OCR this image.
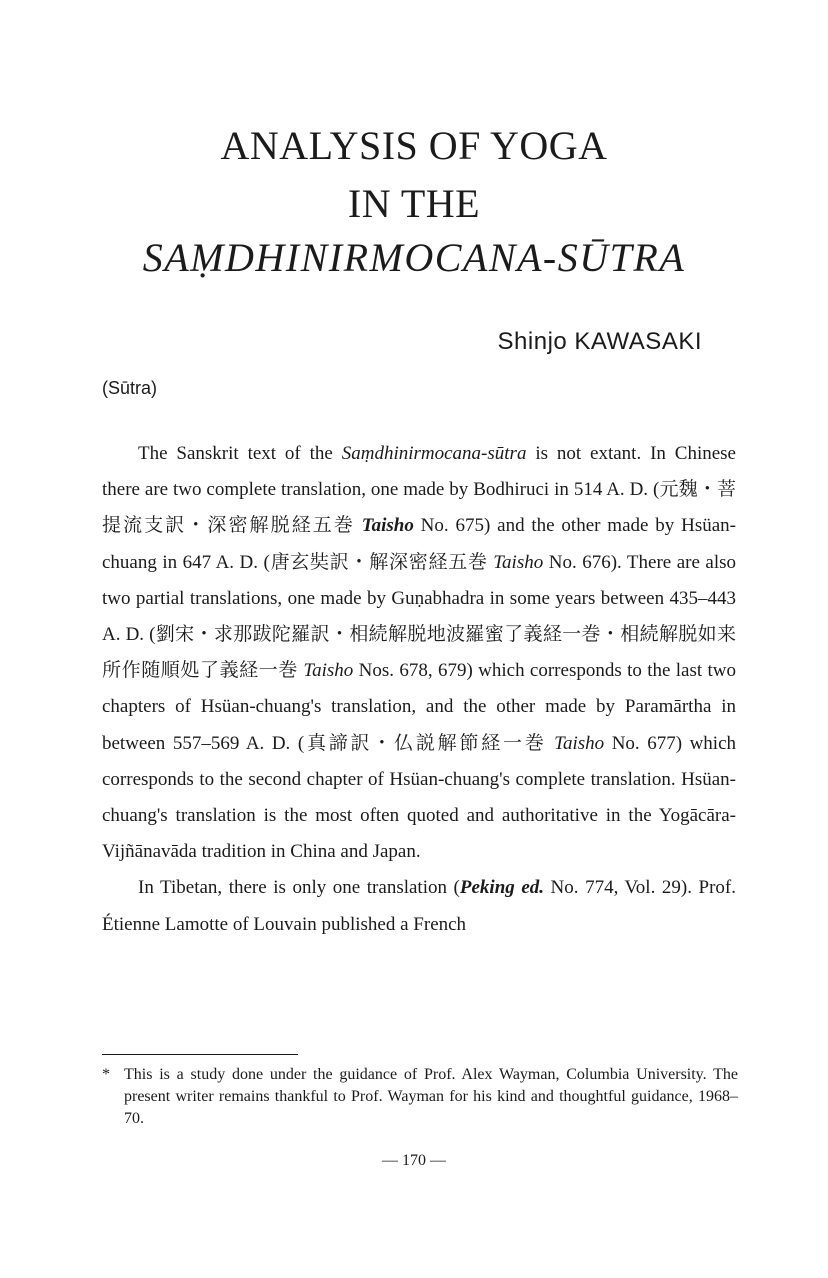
ANALYSIS OF YOGA
IN THE
SAṂDHINIRMOCANA-SŪTRA

Shinjo KAWASAKI

(Sūtra)

The Sanskrit text of the Saṃdhinirmocana-sūtra is not extant. In Chinese there are two complete translation, one made by Bodhiruci in 514 A. D. (元魏・菩提流支訳・深密解脱経五巻 Taisho No. 675) and the other made by Hsüan-chuang in 647 A. D. (唐玄奘訳・解深密経五巻 Taisho No. 676). There are also two partial translations, one made by Guṇabhadra in some years between 435–443 A. D. (劉宋・求那跋陀羅訳・相続解脱地波羅蜜了義経一巻・相続解脱如来所作随順処了義経一巻 Taisho Nos. 678, 679) which corresponds to the last two chapters of Hsüan-chuang's translation, and the other made by Paramārtha in between 557–569 A. D. (真諦訳・仏説解節経一巻 Taisho No. 677) which corresponds to the second chapter of Hsüan-chuang's complete translation. Hsüan-chuang's translation is the most often quoted and authoritative in the Yogācāra-Vijñānavāda tradition in China and Japan.

In Tibetan, there is only one translation (Peking ed. No. 774, Vol. 29). Prof. Étienne Lamotte of Louvain published a French

* This is a study done under the guidance of Prof. Alex Wayman, Columbia University. The present writer remains thankful to Prof. Wayman for his kind and thoughtful guidance, 1968–70.

— 170 —
